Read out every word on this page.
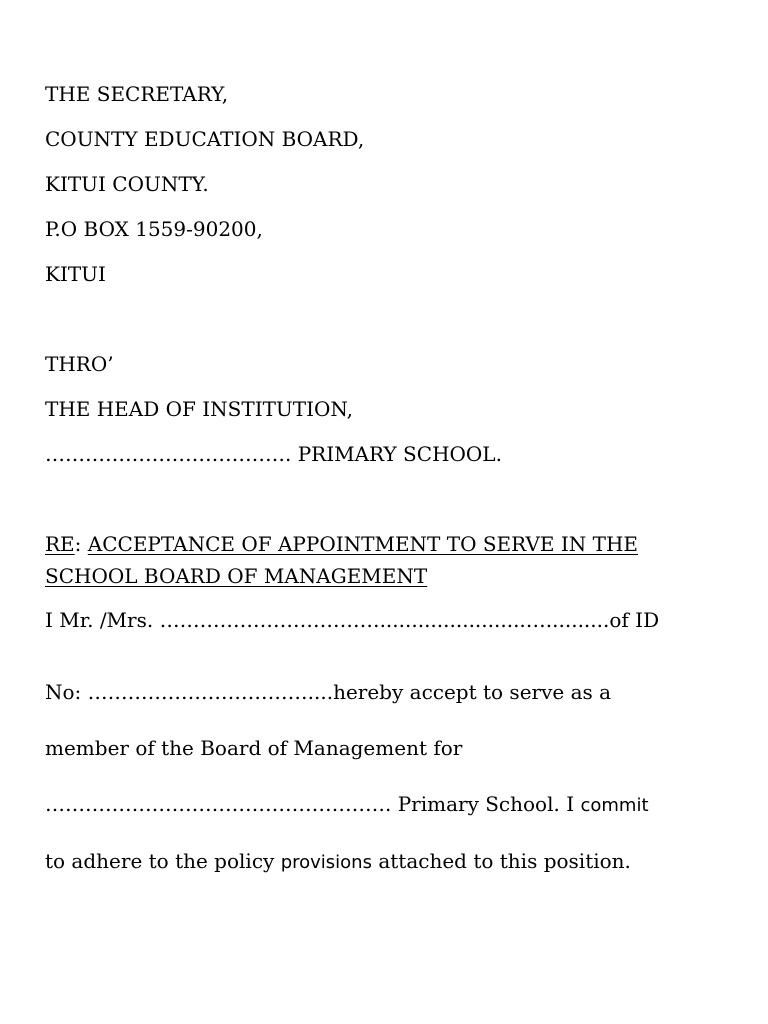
THE SECRETARY,
COUNTY EDUCATION BOARD,
KITUI COUNTY.
P.O BOX 1559-90200,
KITUI
THRO’
THE HEAD OF INSTITUTION,
………………………………. PRIMARY SCHOOL.
RE: ACCEPTANCE OF APPOINTMENT TO SERVE IN THE
SCHOOL BOARD OF MANAGEMENT
I Mr. /Mrs. …………………………….......................…..........of ID
No: ……………………………....hereby accept to serve as a
member of the Board of Management for
……………………………………………. Primary School. I commit
to adhere to the policy provisions attached to this position.
